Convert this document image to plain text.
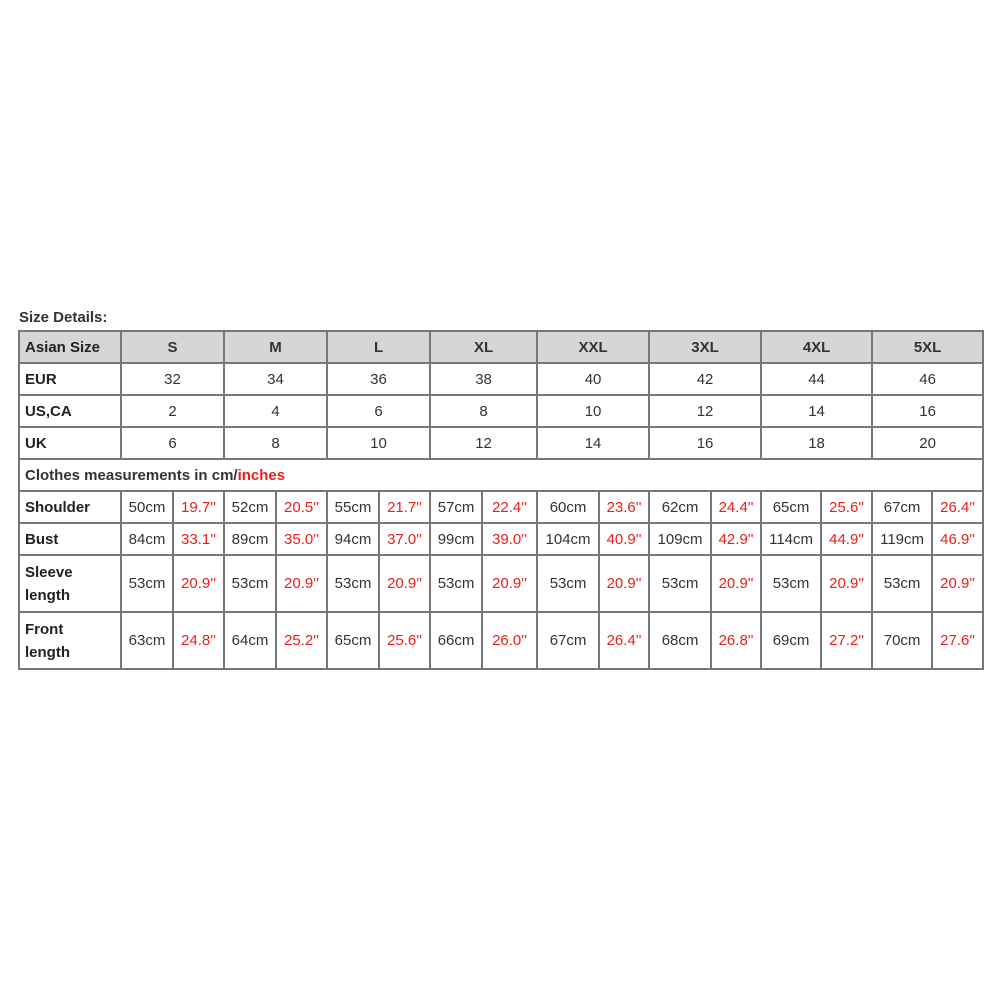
Size Details:
Asian Size	S		M		L		XL		XXL		3XL		4XL		5XL	
EUR	32		34		36		38		40		42		44		46	
US,CA	2		4		6		8		10		12		14		16	
UK	6		8		10		12		14		16		18		20	
Clothes measurements in cm/inches																
Shoulder	50cm	19.7''	52cm	20.5''	55cm	21.7''	57cm	22.4''	60cm	23.6''	62cm	24.4''	65cm	25.6''	67cm	26.4''
Bust	84cm	33.1''	89cm	35.0''	94cm	37.0''	99cm	39.0''	104cm	40.9''	109cm	42.9''	114cm	44.9''	119cm	46.9''
Sleeve
length	53cm	20.9''	53cm	20.9''	53cm	20.9''	53cm	20.9''	53cm	20.9''	53cm	20.9''	53cm	20.9''	53cm	20.9''
Front
length	63cm	24.8''	64cm	25.2''	65cm	25.6''	66cm	26.0''	67cm	26.4''	68cm	26.8''	69cm	27.2''	70cm	27.6''
